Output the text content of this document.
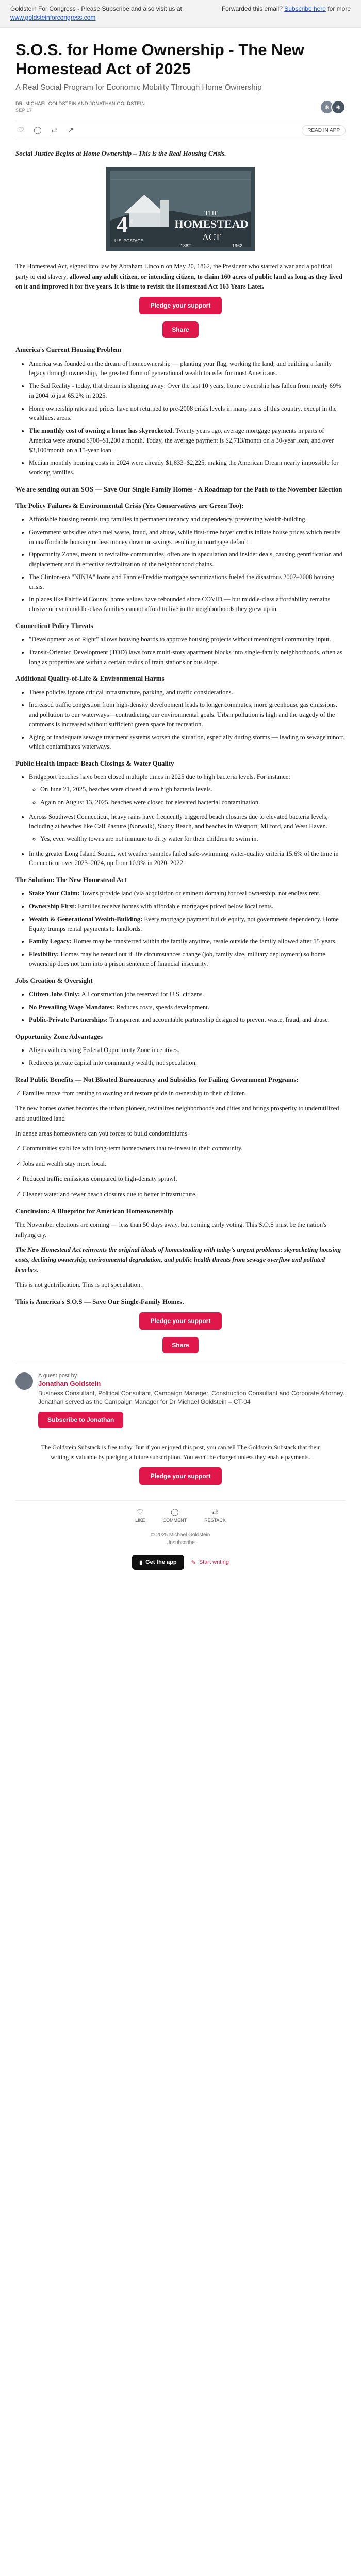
Goldstein For Congress - Please Subscribe and also visit us at	Forwarded this email? Subscribe here for more

www.goldsteinforcongress.com
S.O.S. for Home Ownership - The New Homestead Act of 2025
A Real Social Program for Economic Mobility Through Home Ownership
DR. MICHAEL GOLDSTEIN AND JONATHAN GOLDSTEIN
SEP 17
◉	◉
♡	◯	⇄	↗	READ IN APP
Social Justice Begins at Home Ownership – This is the Real Housing Crisis.
4 ¢
U.S. POSTAGE
THE
HOMESTEAD
ACT
1862	1962

The Homestead Act, signed into law by Abraham Lincoln on May 20, 1862, the President who started a war and a political party to end slavery, allowed any adult citizen, or intending citizen, to claim 160 acres of public land as long as they lived on it and improved it for five years. It is time to revisit the Homestead Act 163 Years Later.

Pledge your support
Share
America's Current Housing Problem
• America was founded on the dream of homeownership — planting your flag, working the land, and building a family legacy through ownership, the greatest form of generational wealth transfer for most Americans.
• The Sad Reality - today, that dream is slipping away: Over the last 10 years, home ownership has fallen from nearly 69% in 2004 to just 65.2% in 2025.
• Home ownership rates and prices have not returned to pre-2008 crisis levels in many parts of this country, except in the wealthiest areas.
• The monthly cost of owning a home has skyrocketed. Twenty years ago, average mortgage payments in parts of America were around $700–$1,200 a month. Today, the average payment is $2,713/month on a 30-year loan, and over $3,100/month on a 15-year loan.
• Median monthly housing costs in 2024 were already $1,833–$2,225, making the American Dream nearly impossible for working families.
We are sending out an SOS — Save Our Single Family Homes - A Roadmap for the Path to the November Election
The Policy Failures & Environmental Crisis (Yes Conservatives are Green Too):
• Affordable housing rentals trap families in permanent tenancy and dependency, preventing wealth-building.
• Government subsidies often fuel waste, fraud, and abuse, while first-time buyer credits inflate house prices which results in unaffordable housing or less money down or savings resulting in mortgage default.
• Opportunity Zones, meant to revitalize communities, often are in speculation and insider deals, causing gentrification and displacement and in effective revitalization of the neighborhood chains.
• The Clinton-era "NINJA" loans and Fannie/Freddie mortgage securitizations fueled the disastrous 2007–2008 housing crisis.
• In places like Fairfield County, home values have rebounded since COVID — but middle-class affordability remains elusive or even middle-class families cannot afford to live in the neighborhoods they grew up in.
Connecticut Policy Threats
• "Development as of Right" allows housing boards to approve housing projects without meaningful community input.
• Transit-Oriented Development (TOD) laws force multi-story apartment blocks into single-family neighborhoods, often as long as properties are within a certain radius of train stations or bus stops.
Additional Quality-of-Life & Environmental Harms
• These policies ignore critical infrastructure, parking, and traffic considerations.
• Increased traffic congestion from high-density development leads to longer commutes, more greenhouse gas emissions, and pollution to our waterways—contradicting our environmental goals. Urban pollution is high and the tragedy of the commons is increased without sufficient green space for recreation.
• Aging or inadequate sewage treatment systems worsen the situation, especially during storms — leading to sewage runoff, which contaminates waterways.
Public Health Impact: Beach Closings & Water Quality
• Bridgeport beaches have been closed multiple times in 2025 due to high bacteria levels. For instance:
◦ On June 21, 2025, beaches were closed due to high bacteria levels.
◦ Again on August 13, 2025, beaches were closed for elevated bacterial contamination.
• Across Southwest Connecticut, heavy rains have frequently triggered beach closures due to elevated bacteria levels, including at beaches like Calf Pasture (Norwalk), Shady Beach, and beaches in Westport, Milford, and West Haven.
◦ Yes, even wealthy towns are not immune to dirty water for their children to swim in.
• In the greater Long Island Sound, wet weather samples failed safe-swimming water-quality criteria 15.6% of the time in Connecticut over 2023–2024, up from 10.9% in 2020–2022.
The Solution: The New Homestead Act
• Stake Your Claim: Towns provide land (via acquisition or eminent domain) for real ownership, not endless rent.
• Ownership First: Families receive homes with affordable mortgages priced below local rents.
• Wealth & Generational Wealth-Building: Every mortgage payment builds equity, not government dependency. Home Equity trumps rental payments to landlords.
• Family Legacy: Homes may be transferred within the family anytime, resale outside the family allowed after 15 years.
• Flexibility: Homes may be rented out if life circumstances change (job, family size, military deployment) so home ownership does not turn into a prison sentence of financial insecurity.
Jobs Creation & Oversight
• Citizen Jobs Only: All construction jobs reserved for U.S. citizens.
• No Prevailing Wage Mandates: Reduces costs, speeds development.
• Public-Private Partnerships: Transparent and accountable partnership designed to prevent waste, fraud, and abuse.
Opportunity Zone Advantages
• Aligns with existing Federal Opportunity Zone incentives.
• Redirects private capital into community wealth, not speculation.
Real Public Benefits — Not Bloated Bureaucracy and Subsidies for Failing Government Programs:

✓ Families move from renting to owning and restore pride in ownership to their children

The new homes owner becomes the urban pioneer, revitalizes neighborhoods and cities and brings prosperity to underutilized and unutilized land

In dense areas homeowners can you forces to build condominiums

✓ Communities stabilize with long-term homeowners that re-invest in their community.

✓ Jobs and wealth stay more local.

✓ Reduced traffic emissions compared to high-density sprawl.

✓ Cleaner water and fewer beach closures due to better infrastructure.

Conclusion: A Blueprint for American Homeownership

The November elections are coming — less than 50 days away, but coming early voting. This S.O.S must be the nation's rallying cry.

The New Homestead Act reinvents the original ideals of homesteading with today's urgent problems: skyrocketing housing costs, declining ownership, environmental degradation, and public health threats from sewage overflow and polluted beaches.

This is not gentrification. This is not speculation.

This is America's S.O.S — Save Our Single-Family Homes.
Pledge your support
Share
A guest post by
Jonathan Goldstein
Business Consultant, Political Consultant, Campaign Manager, Construction Consultant and Corporate Attorney. Jonathan served as the Campaign Manager for Dr Michael Goldstein – CT-04
Subscribe to Jonathan
The Goldstein Substack is free today. But if you enjoyed this post, you can tell The Goldstein Substack that their writing is valuable by pledging a future subscription. You won't be charged unless they enable payments.
Pledge your support
♡
LIKE
◯
COMMENT
⇄
RESTACK
© 2025 Michael Goldstein
Unsubscribe
▮ Get the app	✎ Start writing
